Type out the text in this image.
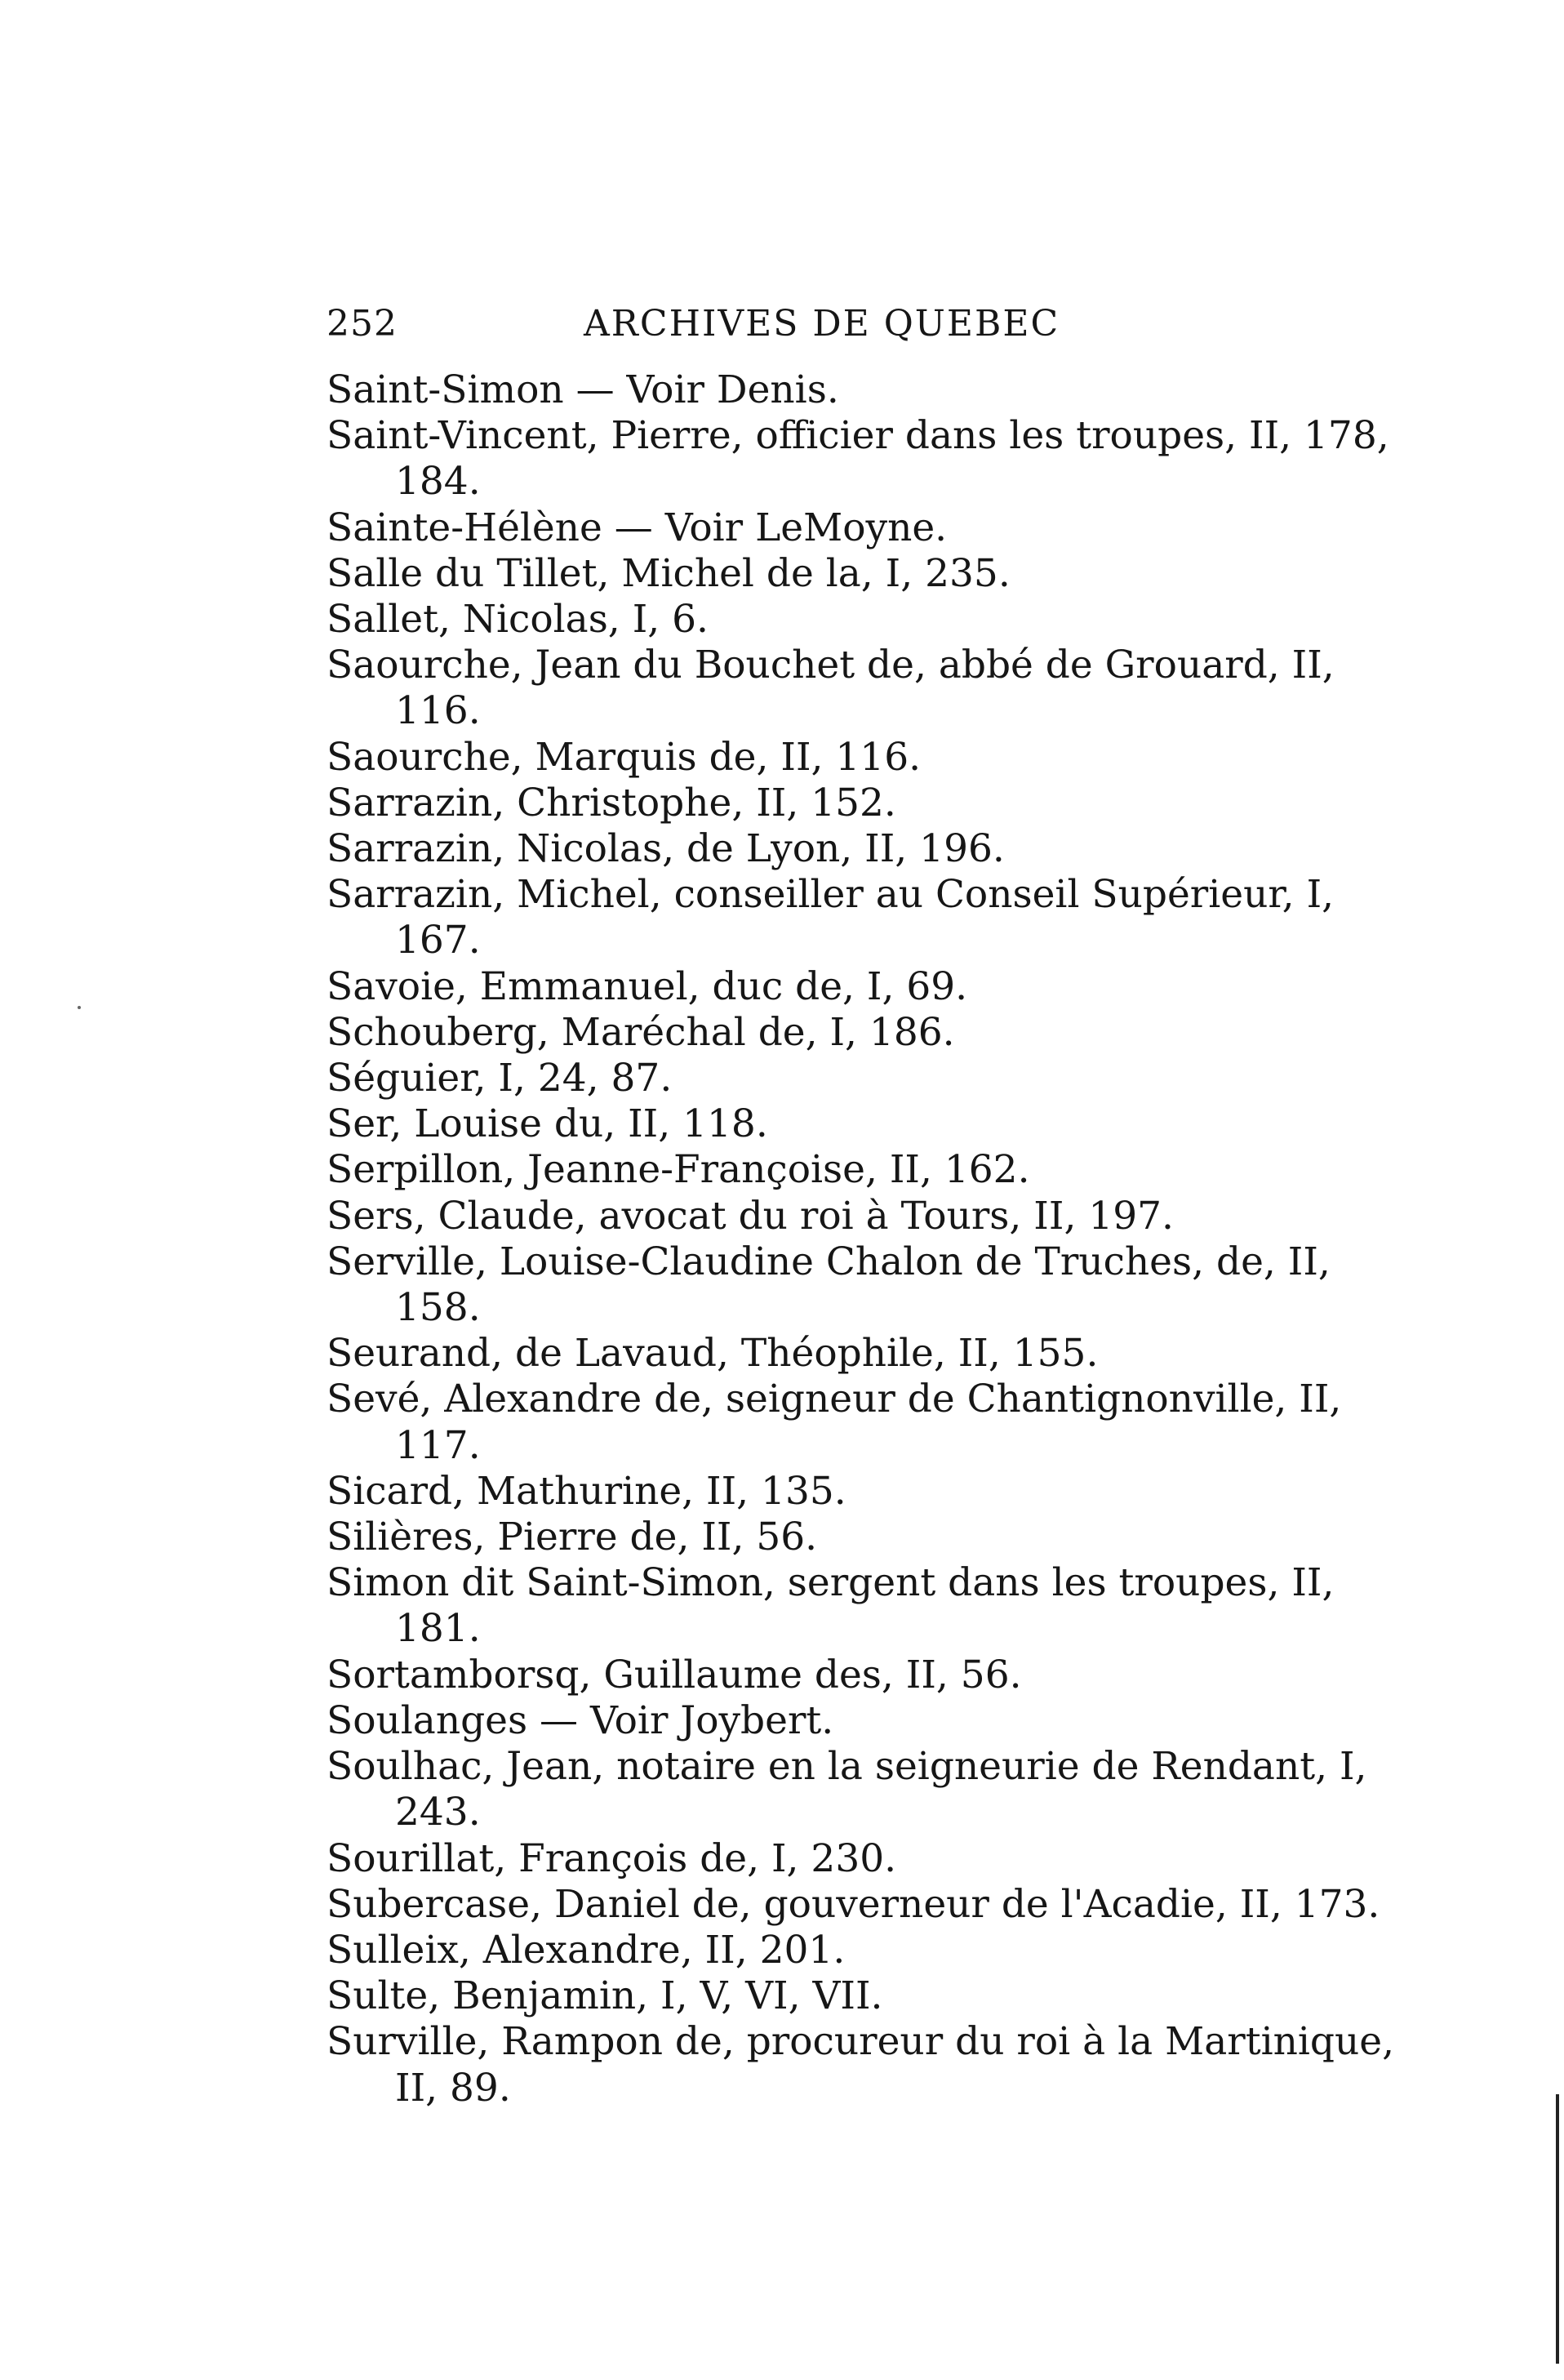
252	ARCHIVES DE QUEBEC
Saint-Simon — Voir Denis.
Saint-Vincent, Pierre, officier dans les troupes, II, 178, 184.
Sainte-Hélène — Voir LeMoyne.
Salle du Tillet, Michel de la, I, 235.
Sallet, Nicolas, I, 6.
Saourche, Jean du Bouchet de, abbé de Grouard, II, 116.
Saourche, Marquis de, II, 116.
Sarrazin, Christophe, II, 152.
Sarrazin, Nicolas, de Lyon, II, 196.
Sarrazin, Michel, conseiller au Conseil Supérieur, I, 167.
Savoie, Emmanuel, duc de, I, 69.
Schouberg, Maréchal de, I, 186.
Séguier, I, 24, 87.
Ser, Louise du, II, 118.
Serpillon, Jeanne-Françoise, II, 162.
Sers, Claude, avocat du roi à Tours, II, 197.
Serville, Louise-Claudine Chalon de Truches, de, II, 158.
Seurand, de Lavaud, Théophile, II, 155.
Sevé, Alexandre de, seigneur de Chantignonville, II, 117.
Sicard, Mathurine, II, 135.
Silières, Pierre de, II, 56.
Simon dit Saint-Simon, sergent dans les troupes, II, 181.
Sortamborsq, Guillaume des, II, 56.
Soulanges — Voir Joybert.
Soulhac, Jean, notaire en la seigneurie de Rendant, I, 243.
Sourillat, François de, I, 230.
Subercase, Daniel de, gouverneur de l'Acadie, II, 173.
Sulleix, Alexandre, II, 201.
Sulte, Benjamin, I, V, VI, VII.
Surville, Rampon de, procureur du roi à la Martinique, II, 89.
